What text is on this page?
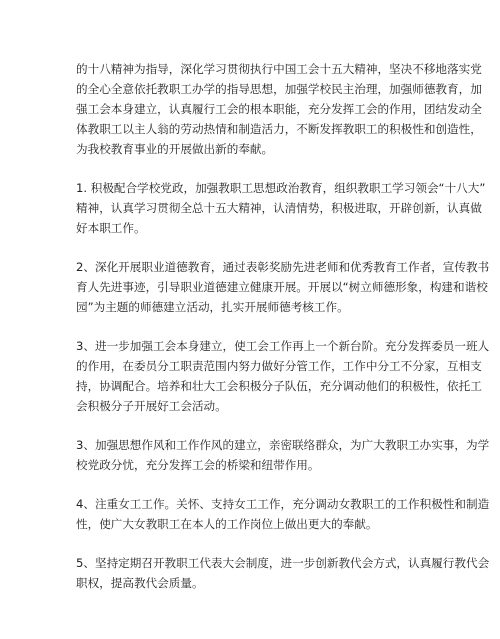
的十八精神为指导，深化学习贯彻执行中国工会十五大精神，坚决不移地落实党
的全心全意依托教职工办学的指导思想，加强学校民主治理，加强师德教育，加
强工会本身建立，认真履行工会的根本职能，充分发挥工会的作用，团结发动全
体教职工以主人翁的劳动热情和制造活力，不断发挥教职工的积极性和创造性，
为我校教育事业的开展做出新的奉献。
1. 积极配合学校党政，加强教职工思想政治教育，组织教职工学习领会“十八大”
精神，认真学习贯彻全总十五大精神，认清情势，积极进取，开辟创新，认真做
好本职工作。
2、深化开展职业道德教育，通过表彰奖励先进老师和优秀教育工作者，宣传教书
育人先进事迹，引导职业道德建立健康开展。开展以“树立师德形象，构建和谐校
园”为主题的师德建立活动，扎实开展师德考核工作。
3、进一步加强工会本身建立，使工会工作再上一个新台阶。充分发挥委员一班人
的作用，在委员分工职责范围内努力做好分管工作，工作中分工不分家，互相支
持，协调配合。培养和壮大工会积极分子队伍，充分调动他们的积极性，依托工
会积极分子开展好工会活动。
3、加强思想作风和工作作风的建立，亲密联络群众，为广大教职工办实事，为学
校党政分忧，充分发挥工会的桥梁和纽带作用。
4、注重女工工作。关怀、支持女工工作，充分调动女教职工的工作积极性和制造
性，使广大女教职工在本人的工作岗位上做出更大的奉献。
5、坚持定期召开教职工代表大会制度，进一步创新教代会方式，认真履行教代会
职权，提高教代会质量。
